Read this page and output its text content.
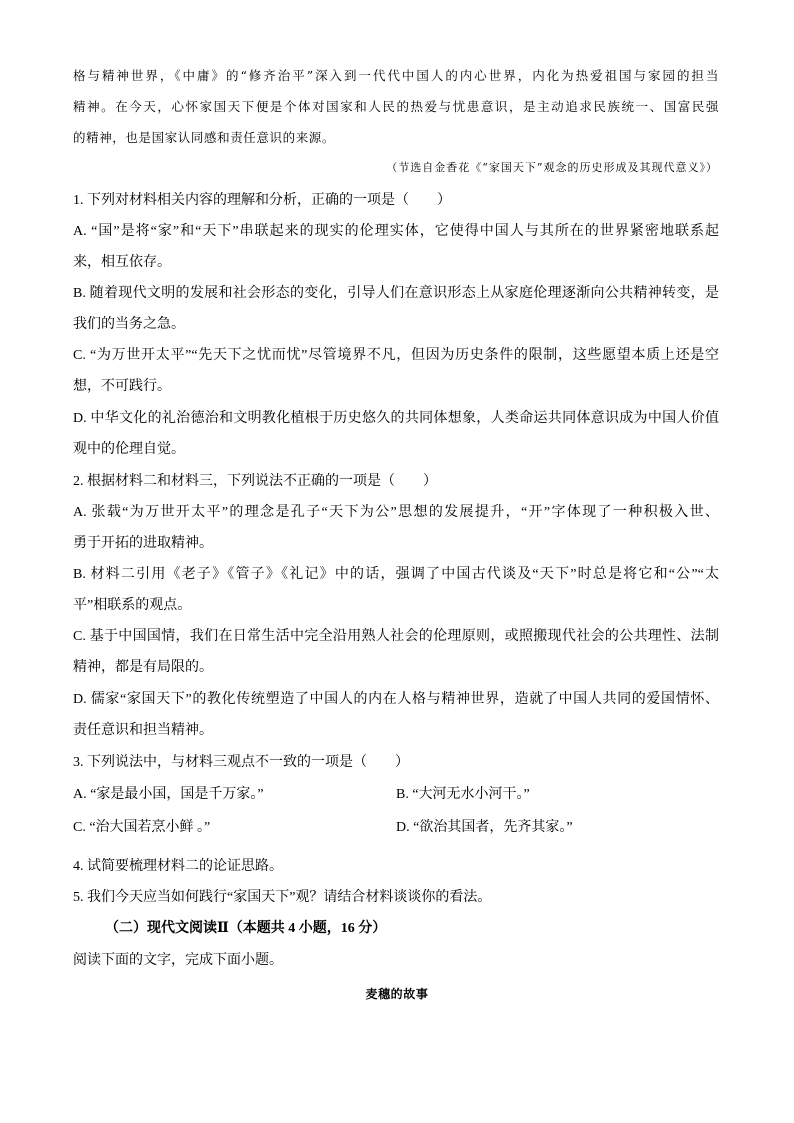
格与精神世界，《中庸》的“修齐治平”深入到一代代中国人的内心世界，内化为热爱祖国与家园的担当
精神。在今天，心怀家国天下便是个体对国家和人民的热爱与忧患意识，是主动追求民族统一、国富民强
的精神，也是国家认同感和责任意识的来源。
（节选自金香花《“家国天下”观念的历史形成及其现代意义》）
1. 下列对材料相关内容的理解和分析，正确的一项是（　　）
A. “国”是将“家”和“天下”串联起来的现实的伦理实体，它使得中国人与其所在的世界紧密地联系起
来，相互依存。
B. 随着现代文明的发展和社会形态的变化，引导人们在意识形态上从家庭伦理逐渐向公共精神转变，是
我们的当务之急。
C. “为万世开太平”“先天下之忧而忧”尽管境界不凡，但因为历史条件的限制，这些愿望本质上还是空
想，不可践行。
D. 中华文化的礼治德治和文明教化植根于历史悠久的共同体想象，人类命运共同体意识成为中国人价值
观中的伦理自觉。
2. 根据材料二和材料三，下列说法不正确的一项是（　　）
A. 张载“为万世开太平”的理念是孔子“天下为公”思想的发展提升，“开”字体现了一种积极入世、
勇于开拓的进取精神。
B. 材料二引用《老子》《管子》《礼记》中的话，强调了中国古代谈及“天下”时总是将它和“公”“太
平”相联系的观点。
C. 基于中国国情，我们在日常生活中完全沿用熟人社会的伦理原则，或照搬现代社会的公共理性、法制
精神，都是有局限的。
D. 儒家“家国天下”的教化传统塑造了中国人的内在人格与精神世界，造就了中国人共同的爱国情怀、
责任意识和担当精神。
3. 下列说法中，与材料三观点不一致的一项是（　　）
A. “家是最小国，国是千万家。”	B. “大河无水小河干。”
C. “治大国若烹小鲜 。”	D. “欲治其国者，先齐其家。”
4. 试简要梳理材料二的论证思路。
5. 我们今天应当如何践行“家国天下”观？请结合材料谈谈你的看法。
（二）现代文阅读Ⅱ（本题共 4 小题，16 分）
阅读下面的文字，完成下面小题。
麦穗的故事
